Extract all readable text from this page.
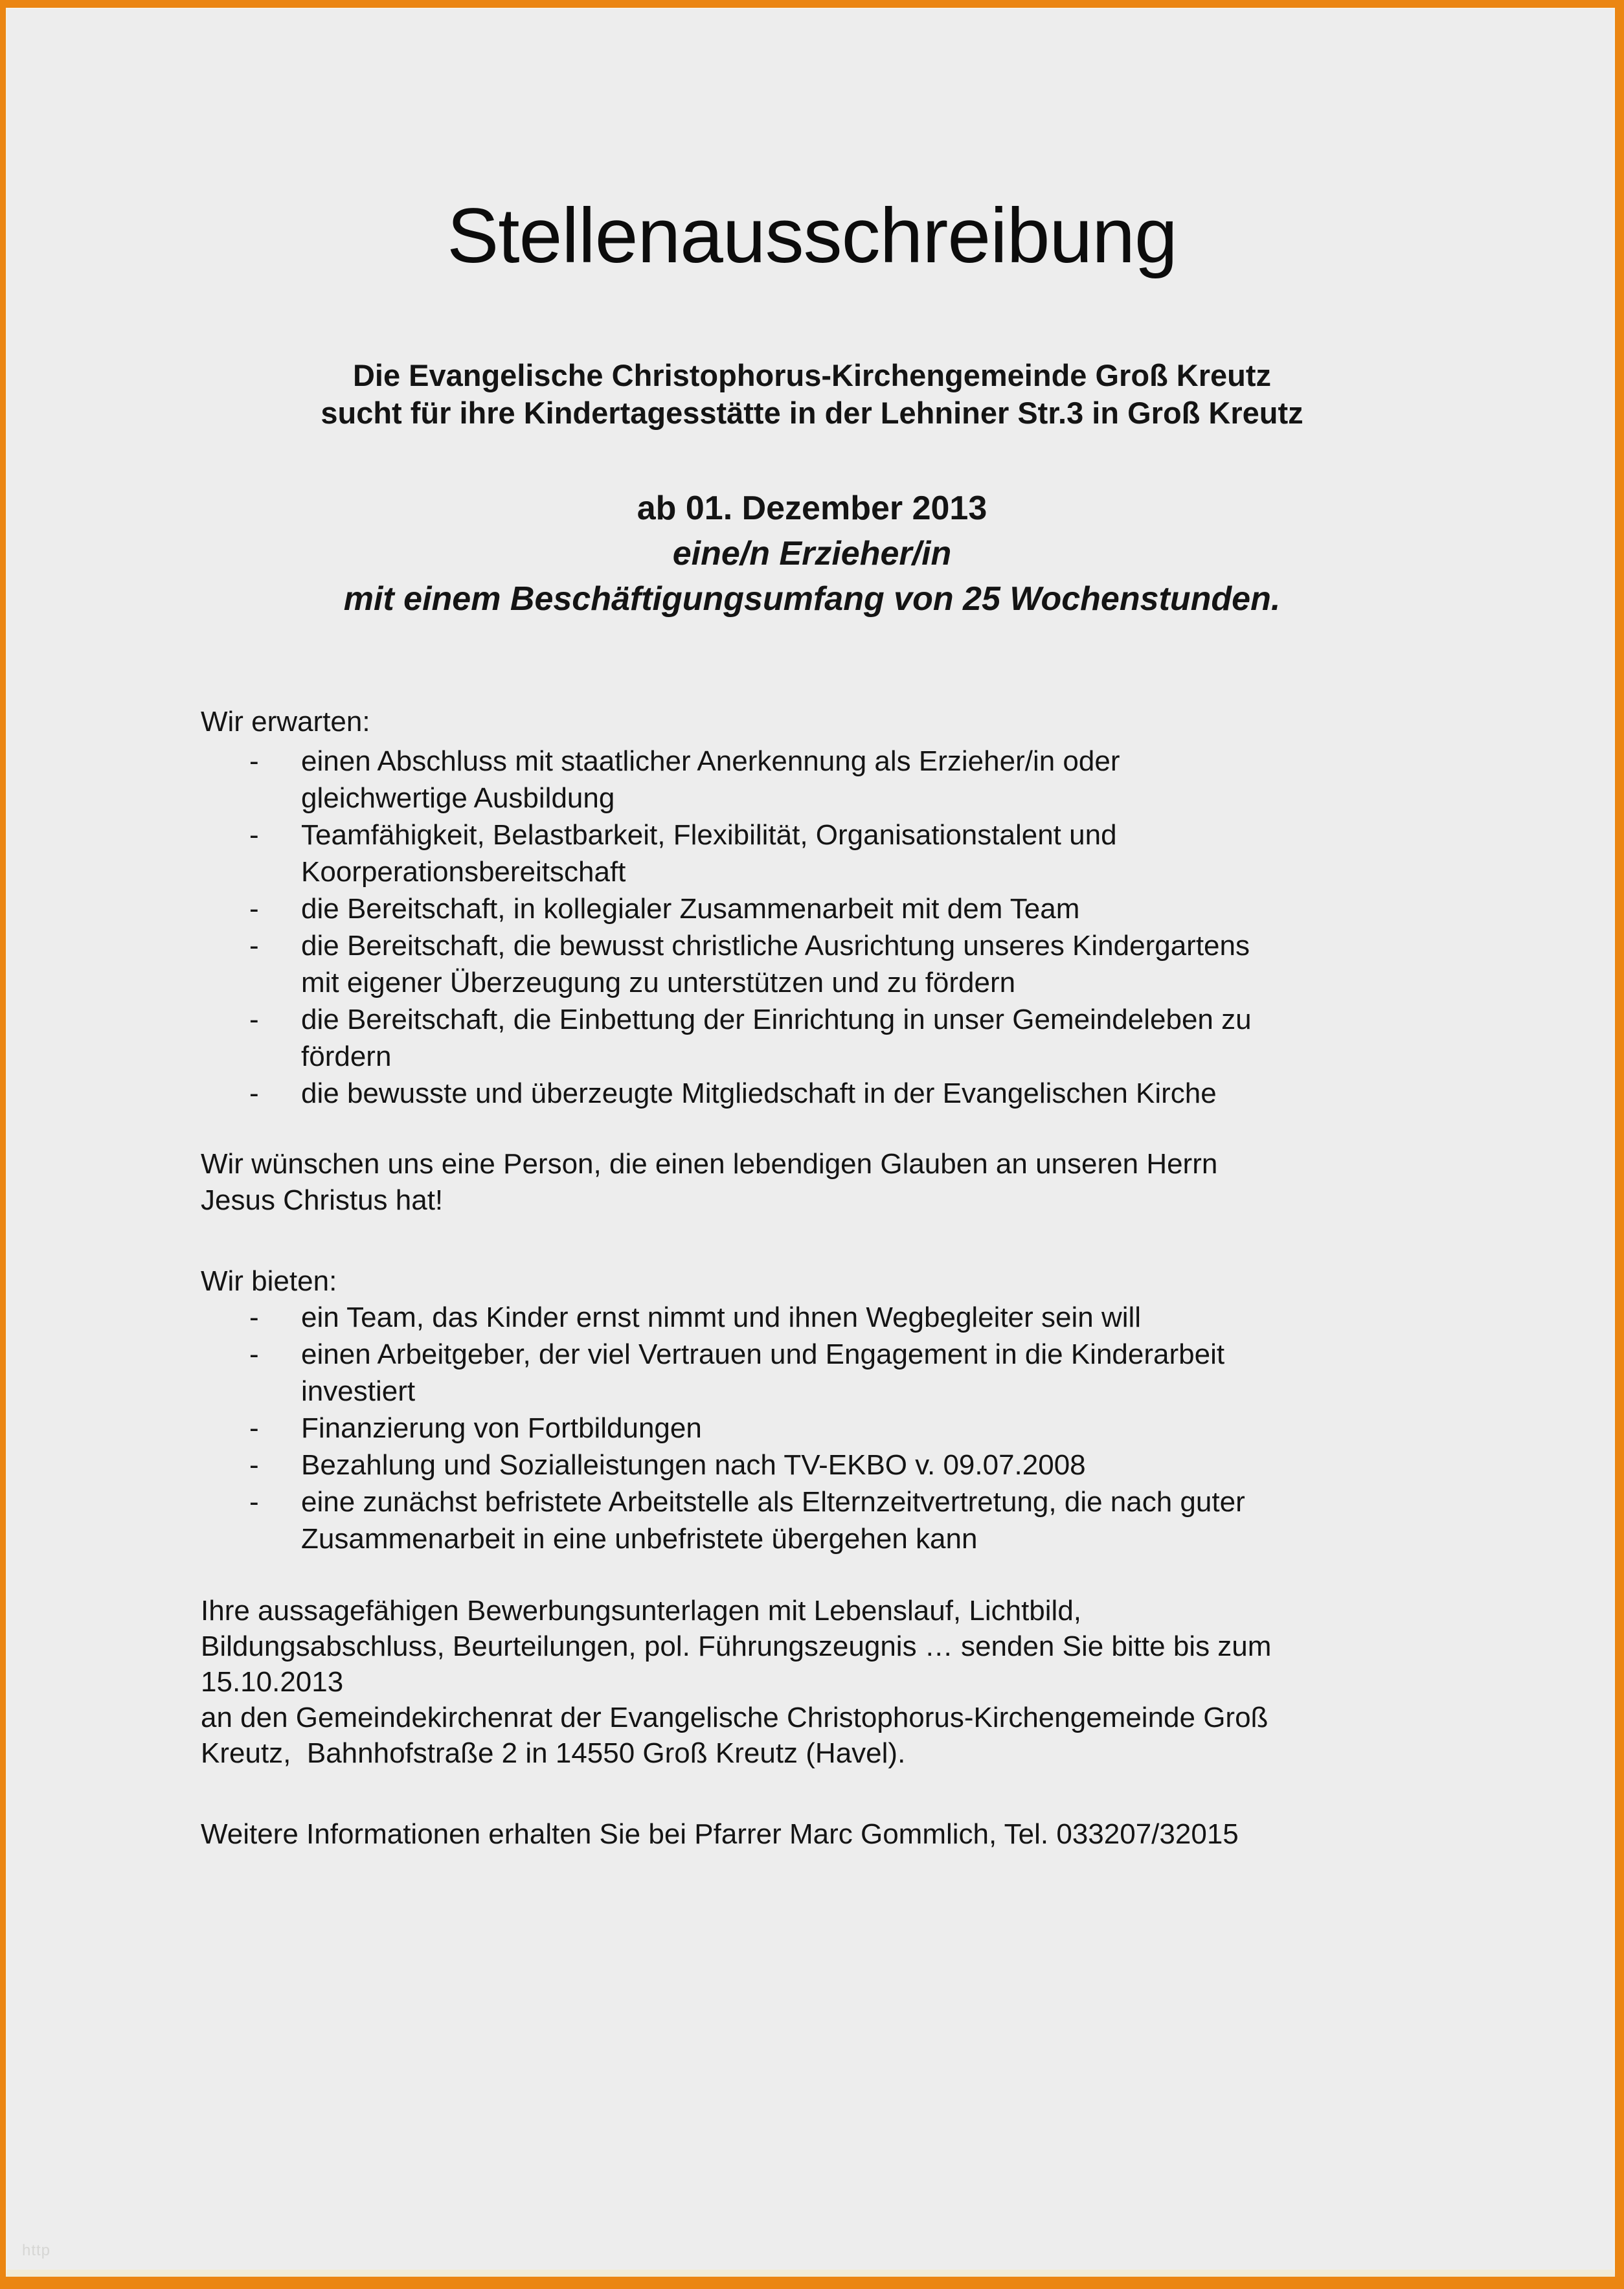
Stellenausschreibung
Die Evangelische Christophorus-Kirchengemeinde Groß Kreutz
sucht für ihre Kindertagesstätte in der Lehniner Str.3 in Groß Kreutz
ab 01. Dezember 2013
eine/n Erzieher/in
mit einem Beschäftigungsumfang von 25 Wochenstunden.
Wir erwarten:
- einen Abschluss mit staatlicher Anerkennung als Erzieher/in oder
gleichwertige Ausbildung
- Teamfähigkeit, Belastbarkeit, Flexibilität, Organisationstalent und
Koorperationsbereitschaft
- die Bereitschaft, in kollegialer Zusammenarbeit mit dem Team
- die Bereitschaft, die bewusst christliche Ausrichtung unseres Kindergartens
mit eigener Überzeugung zu unterstützen und zu fördern
- die Bereitschaft, die Einbettung der Einrichtung in unser Gemeindeleben zu
fördern
- die bewusste und überzeugte Mitgliedschaft in der Evangelischen Kirche
Wir wünschen uns eine Person, die einen lebendigen Glauben an unseren Herrn
Jesus Christus hat!
Wir bieten:
- ein Team, das Kinder ernst nimmt und ihnen Wegbegleiter sein will
- einen Arbeitgeber, der viel Vertrauen und Engagement in die Kinderarbeit
investiert
- Finanzierung von Fortbildungen
- Bezahlung und Sozialleistungen nach TV-EKBO v. 09.07.2008
- eine zunächst befristete Arbeitstelle als Elternzeitvertretung, die nach guter
Zusammenarbeit in eine unbefristete übergehen kann
Ihre aussagefähigen Bewerbungsunterlagen mit Lebenslauf, Lichtbild,
Bildungsabschluss, Beurteilungen, pol. Führungszeugnis … senden Sie bitte bis zum
15.10.2013
an den Gemeindekirchenrat der Evangelische Christophorus-Kirchengemeinde Groß
Kreutz,  Bahnhofstraße 2 in 14550 Groß Kreutz (Havel).
Weitere Informationen erhalten Sie bei Pfarrer Marc Gommlich, Tel. 033207/32015
http
